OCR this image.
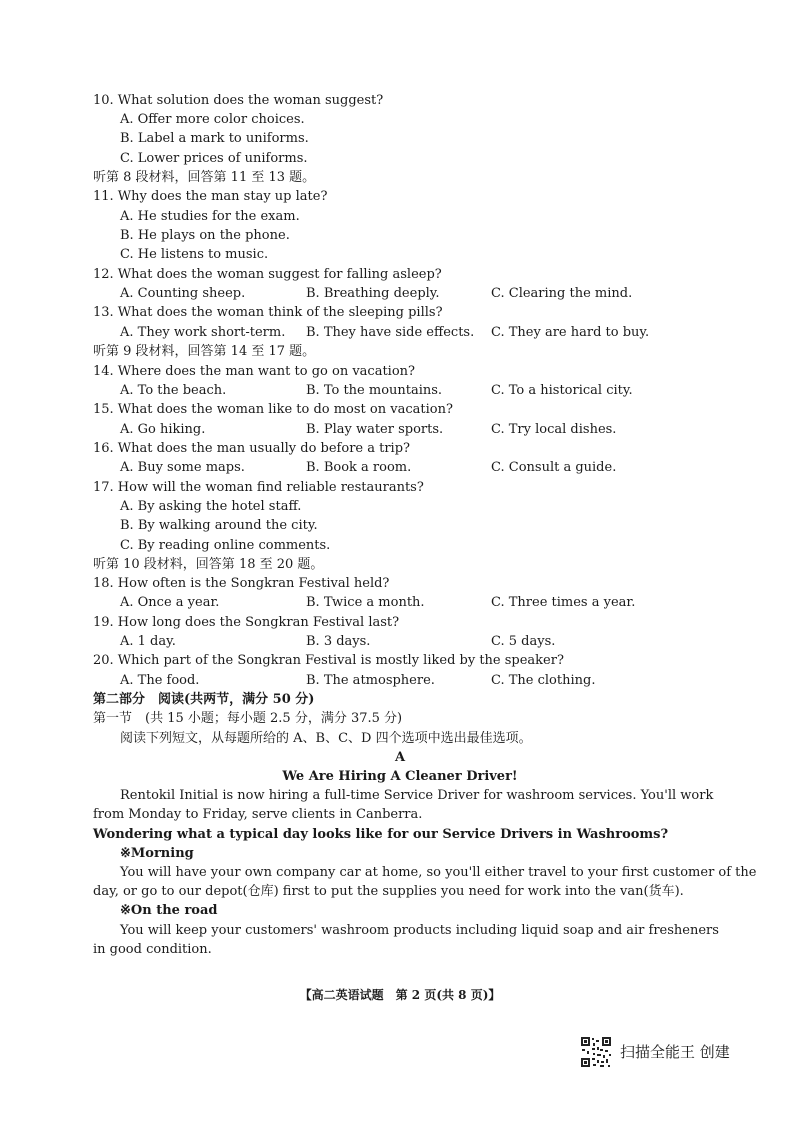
10. What solution does the woman suggest?
A. Offer more color choices.
B. Label a mark to uniforms.
C. Lower prices of uniforms.
听第 8 段材料，回答第 11 至 13 题。
11. Why does the man stay up late?
A. He studies for the exam.
B. He plays on the phone.
C. He listens to music.
12. What does the woman suggest for falling asleep?
A. Counting sheep.	B. Breathing deeply.	C. Clearing the mind.
13. What does the woman think of the sleeping pills?
A. They work short-term. B. They have side effects. C. They are hard to buy.
听第 9 段材料，回答第 14 至 17 题。
14. Where does the man want to go on vacation?
A. To the beach.	B. To the mountains.	C. To a historical city.
15. What does the woman like to do most on vacation?
A. Go hiking.	B. Play water sports.	C. Try local dishes.
16. What does the man usually do before a trip?
A. Buy some maps.	B. Book a room.	C. Consult a guide.
17. How will the woman find reliable restaurants?
A. By asking the hotel staff.
B. By walking around the city.
C. By reading online comments.
听第 10 段材料，回答第 18 至 20 题。
18. How often is the Songkran Festival held?
A. Once a year.	B. Twice a month.	C. Three times a year.
19. How long does the Songkran Festival last?
A. 1 day.	B. 3 days.	C. 5 days.
20. Which part of the Songkran Festival is mostly liked by the speaker?
A. The food.	B. The atmosphere.	C. The clothing.
第二部分　阅读(共两节，满分 50 分)
第一节　(共 15 小题；每小题 2.5 分，满分 37.5 分)
阅读下列短文，从每题所给的 A、B、C、D 四个选项中选出最佳选项。
A
We Are Hiring A Cleaner Driver!
Rentokil Initial is now hiring a full-time Service Driver for washroom services. You'll work
from Monday to Friday, serve clients in Canberra.
Wondering what a typical day looks like for our Service Drivers in Washrooms?
※Morning
You will have your own company car at home, so you'll either travel to your first customer of the
day, or go to our depot(仓库) first to put the supplies you need for work into the van(货车).
※On the road
You will keep your customers' washroom products including liquid soap and air fresheners
in good condition.
【高二英语试题　第 2 页(共 8 页)】
扫描全能王 创建
